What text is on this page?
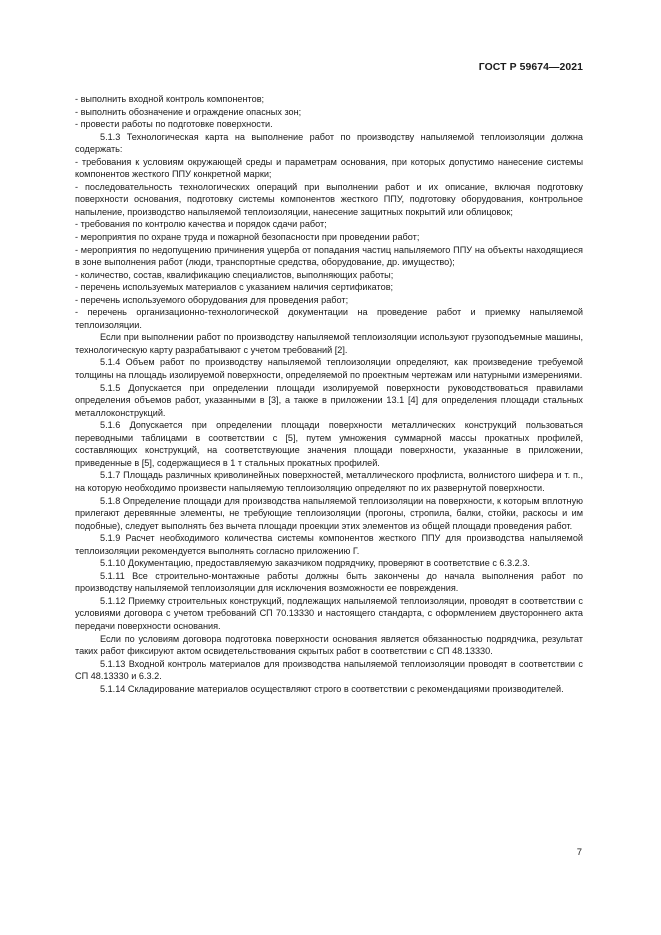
ГОСТ Р 59674—2021

- выполнить входной контроль компонентов;

- выполнить обозначение и ограждение опасных зон;

- провести работы по подготовке поверхности.

5.1.3 Технологическая карта на выполнение работ по производству напыляемой теплоизоляции должна содержать:

- требования к условиям окружающей среды и параметрам основания, при которых допустимо нанесение системы компонентов жесткого ППУ конкретной марки;

- последовательность технологических операций при выполнении работ и их описание, включая подготовку поверхности основания, подготовку системы компонентов жесткого ППУ, подготовку оборудования, контрольное напыление, производство напыляемой теплоизоляции, нанесение защитных покрытий или облицовок;

- требования по контролю качества и порядок сдачи работ;

- мероприятия по охране труда и пожарной безопасности при проведении работ;

- мероприятия по недопущению причинения ущерба от попадания частиц напыляемого ППУ на объекты находящиеся в зоне выполнения работ (люди, транспортные средства, оборудование, др. имущество);

- количество, состав, квалификацию специалистов, выполняющих работы;

- перечень используемых материалов с указанием наличия сертификатов;

- перечень используемого оборудования для проведения работ;

- перечень организационно-технологической документации на проведение работ и приемку напыляемой теплоизоляции.

Если при выполнении работ по производству напыляемой теплоизоляции используют грузоподъемные машины, технологическую карту разрабатывают с учетом требований [2].

5.1.4 Объем работ по производству напыляемой теплоизоляции определяют, как произведение требуемой толщины на площадь изолируемой поверхности, определяемой по проектным чертежам или натурными измерениями.

5.1.5 Допускается при определении площади изолируемой поверхности руководствоваться правилами определения объемов работ, указанными в [3], а также в приложении 13.1 [4] для определения площади стальных металлоконструкций.

5.1.6 Допускается при определении площади поверхности металлических конструкций пользоваться переводными таблицами в соответствии с [5], путем умножения суммарной массы прокатных профилей, составляющих конструкций, на соответствующие значения площади поверхности, указанные в приложении, приведенные в [5], содержащиеся в 1 т стальных прокатных профилей.

5.1.7 Площадь различных криволинейных поверхностей, металлического профлиста, волнистого шифера и т. п., на которую необходимо произвести напыляемую теплоизоляцию определяют по их развернутой поверхности.

5.1.8 Определение площади для производства напыляемой теплоизоляции на поверхности, к которым вплотную прилегают деревянные элементы, не требующие теплоизоляции (прогоны, стропила, балки, стойки, раскосы и им подобные), следует выполнять без вычета площади проекции этих элементов из общей площади проведения работ.

5.1.9 Расчет необходимого количества системы компонентов жесткого ППУ для производства напыляемой теплоизоляции рекомендуется выполнять согласно приложению Г.

5.1.10 Документацию, предоставляемую заказчиком подрядчику, проверяют в соответствие с 6.3.2.3.

5.1.11 Все строительно-монтажные работы должны быть закончены до начала выполнения работ по производству напыляемой теплоизоляции для исключения возможности ее повреждения.

5.1.12 Приемку строительных конструкций, подлежащих напыляемой теплоизоляции, проводят в соответствии с условиями договора с учетом требований СП 70.13330 и настоящего стандарта, с оформлением двустороннего акта передачи поверхности основания.

Если по условиям договора подготовка поверхности основания является обязанностью подрядчика, результат таких работ фиксируют актом освидетельствования скрытых работ в соответствии с СП 48.13330.

5.1.13 Входной контроль материалов для производства напыляемой теплоизоляции проводят в соответствии с СП 48.13330 и 6.3.2.

5.1.14 Складирование материалов осуществляют строго в соответствии с рекомендациями производителей.

7
